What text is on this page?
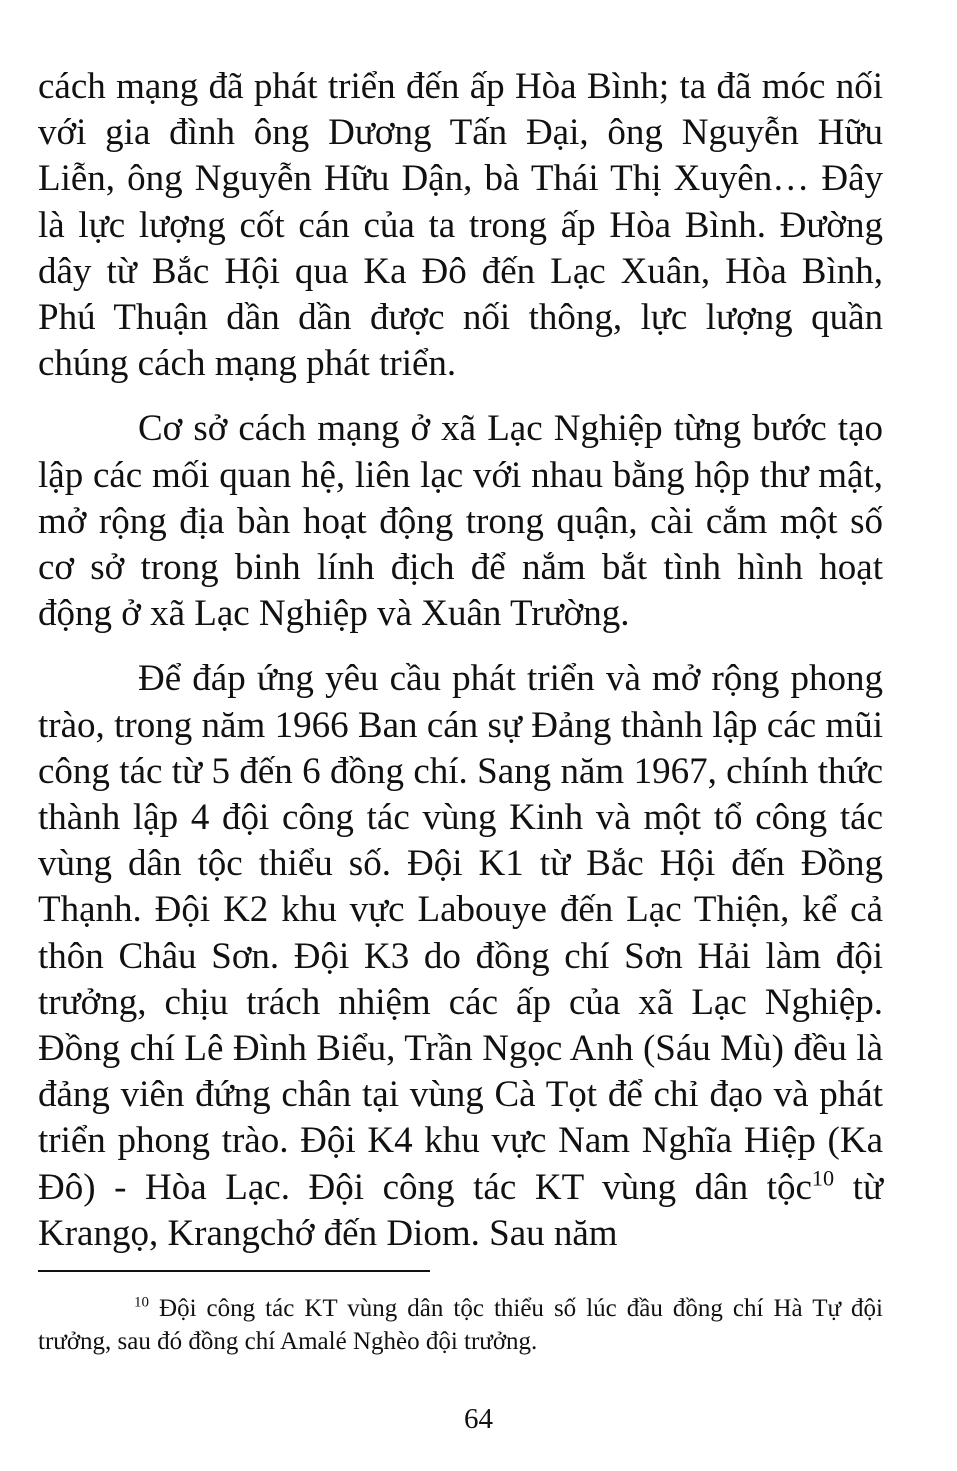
cách mạng đã phát triển đến ấp Hòa Bình; ta đã móc nối với gia đình ông Dương Tấn Đại, ông Nguyễn Hữu Liễn, ông Nguyễn Hữu Dận, bà Thái Thị Xuyên… Đây là lực lượng cốt cán của ta trong ấp Hòa Bình. Đường dây từ Bắc Hội qua Ka Đô đến Lạc Xuân, Hòa Bình, Phú Thuận dần dần được nối thông, lực lượng quần chúng cách mạng phát triển.

Cơ sở cách mạng ở xã Lạc Nghiệp từng bước tạo lập các mối quan hệ, liên lạc với nhau bằng hộp thư mật, mở rộng địa bàn hoạt động trong quận, cài cắm một số cơ sở trong binh lính địch để nắm bắt tình hình hoạt động ở xã Lạc Nghiệp và Xuân Trường.

Để đáp ứng yêu cầu phát triển và mở rộng phong trào, trong năm 1966 Ban cán sự Đảng thành lập các mũi công tác từ 5 đến 6 đồng chí. Sang năm 1967, chính thức thành lập 4 đội công tác vùng Kinh và một tổ công tác vùng dân tộc thiểu số. Đội K1 từ Bắc Hội đến Đồng Thạnh. Đội K2 khu vực Labouye đến Lạc Thiện, kể cả thôn Châu Sơn. Đội K3 do đồng chí Sơn Hải làm đội trưởng, chịu trách nhiệm các ấp của xã Lạc Nghiệp. Đồng chí Lê Đình Biểu, Trần Ngọc Anh (Sáu Mù) đều là đảng viên đứng chân tại vùng Cà Tọt để chỉ đạo và phát triển phong trào. Đội K4 khu vực Nam Nghĩa Hiệp (Ka Đô) - Hòa Lạc. Đội công tác KT vùng dân tộc$^{10}$ từ Krangọ, Krangchớ đến Diom. Sau năm

$^{10}$ Đội công tác KT vùng dân tộc thiểu số lúc đầu đồng chí Hà Tự đội trưởng, sau đó đồng chí Amalé Nghèo đội trưởng.

64
